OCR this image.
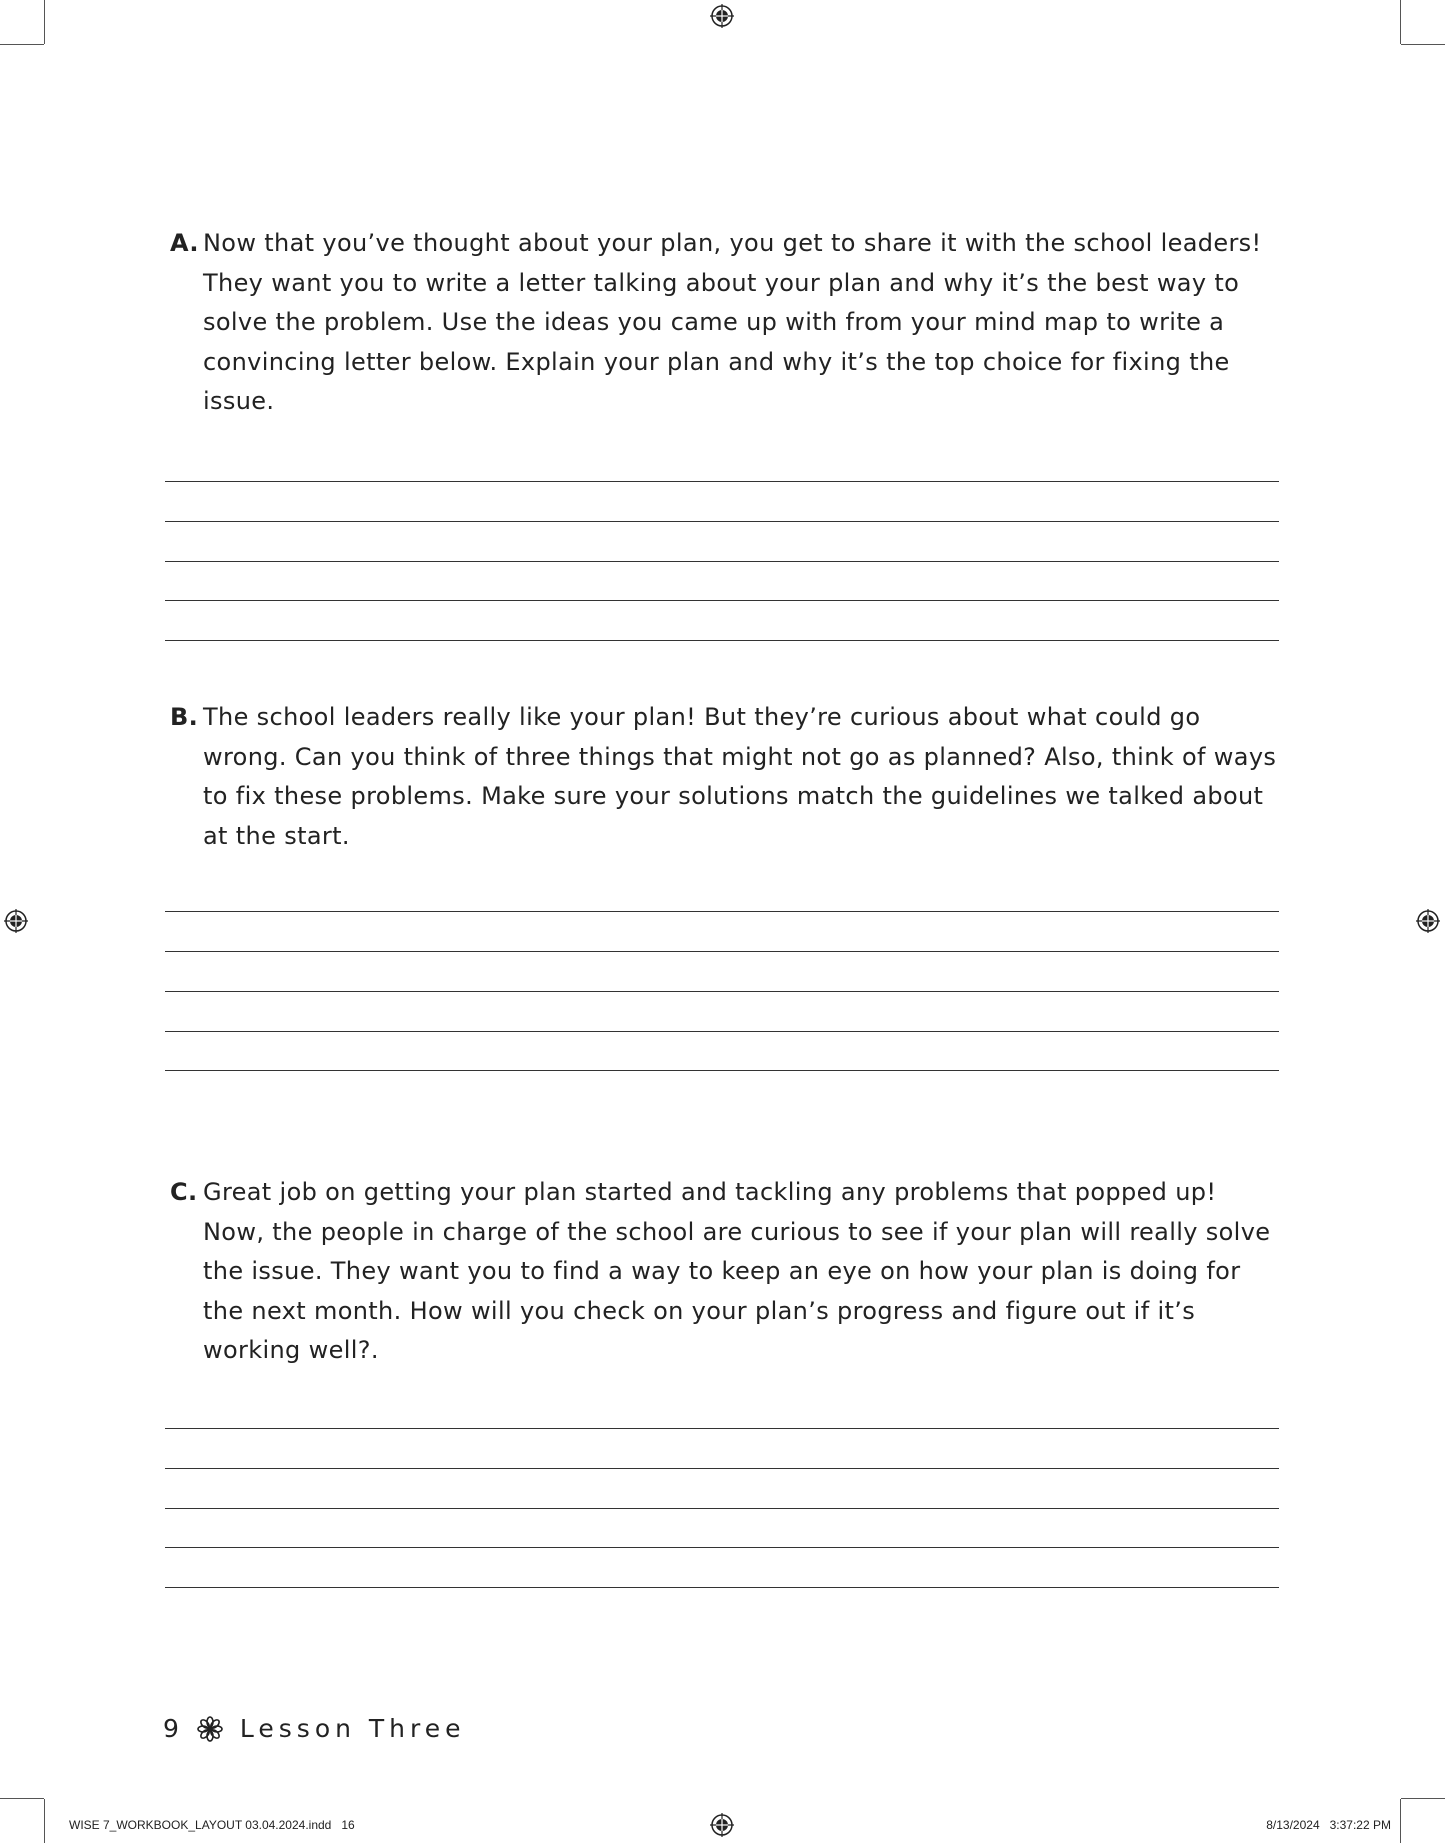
A. Now that you’ve thought about your plan, you get to share it with the school leaders! They want you to write a letter talking about your plan and why it’s the best way to solve the problem. Use the ideas you came up with from your mind map to write a convincing letter below. Explain your plan and why it’s the top choice for fixing the issue.
B. The school leaders really like your plan! But they’re curious about what could go wrong. Can you think of three things that might not go as planned? Also, think of ways to fix these problems. Make sure your solutions match the guidelines we talked about at the start.
C. Great job on getting your plan started and tackling any problems that popped up! Now, the people in charge of the school are curious to see if your plan will really solve the issue. They want you to find a way to keep an eye on how your plan is doing for the next month. How will you check on your plan’s progress and figure out if it’s working well?.
9 Lesson Three
WISE 7_WORKBOOK_LAYOUT 03.04.2024.indd   16	8/13/2024   3:37:22 PM
